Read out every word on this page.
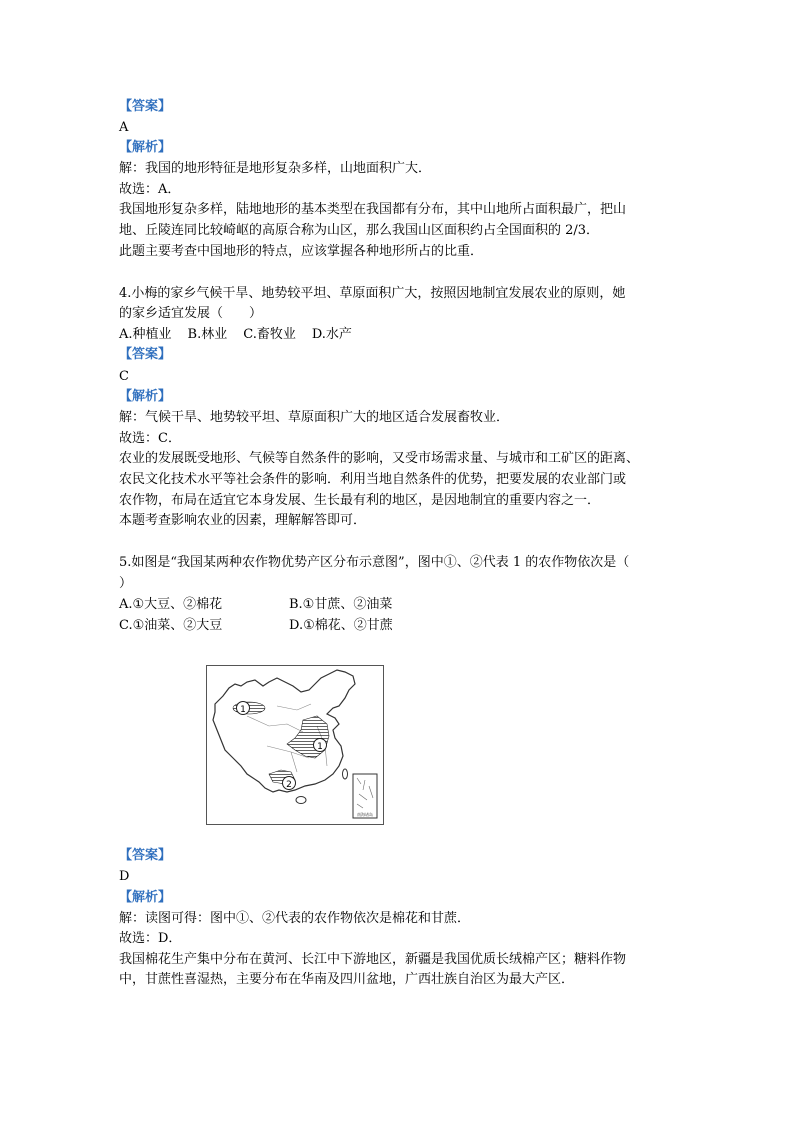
【答案】
A
【解析】
解：我国的地形特征是地形复杂多样，山地面积广大．
故选：A．
我国地形复杂多样，陆地地形的基本类型在我国都有分布，其中山地所占面积最广，把山
地、丘陵连同比较崎岖的高原合称为山区，那么我国山区面积约占全国面积的 2/3．
此题主要考查中国地形的特点，应该掌握各种地形所占的比重．
4.小梅的家乡气候干旱、地势较平坦、草原面积广大，按照因地制宜发展农业的原则，她
的家乡适宜发展（　　）
A.种植业 B.林业 C.畜牧业 D.水产
【答案】
C
【解析】
解：气候干旱、地势较平坦、草原面积广大的地区适合发展畜牧业．
故选：C．
农业的发展既受地形、气候等自然条件的影响，又受市场需求量、与城市和工矿区的距离、
农民文化技术水平等社会条件的影响．利用当地自然条件的优势，把要发展的农业部门或
农作物，布局在适宜它本身发展、生长最有利的地区，是因地制宜的重要内容之一．
本题考查影响农业的因素，理解解答即可．
5.如图是“我国某两种农作物优势产区分布示意图”，图中①、②代表 1 的农作物依次是（
）
A.①大豆、②棉花	B.①甘蔗、②油菜
C.①油菜、②大豆	D.①棉花、②甘蔗
1
1
2
南海诸岛
【答案】
D
【解析】
解：读图可得：图中①、②代表的农作物依次是棉花和甘蔗．
故选：D．
我国棉花生产集中分布在黄河、长江中下游地区，新疆是我国优质长绒棉产区；糖料作物
中，甘蔗性喜湿热，主要分布在华南及四川盆地，广西壮族自治区为最大产区．
